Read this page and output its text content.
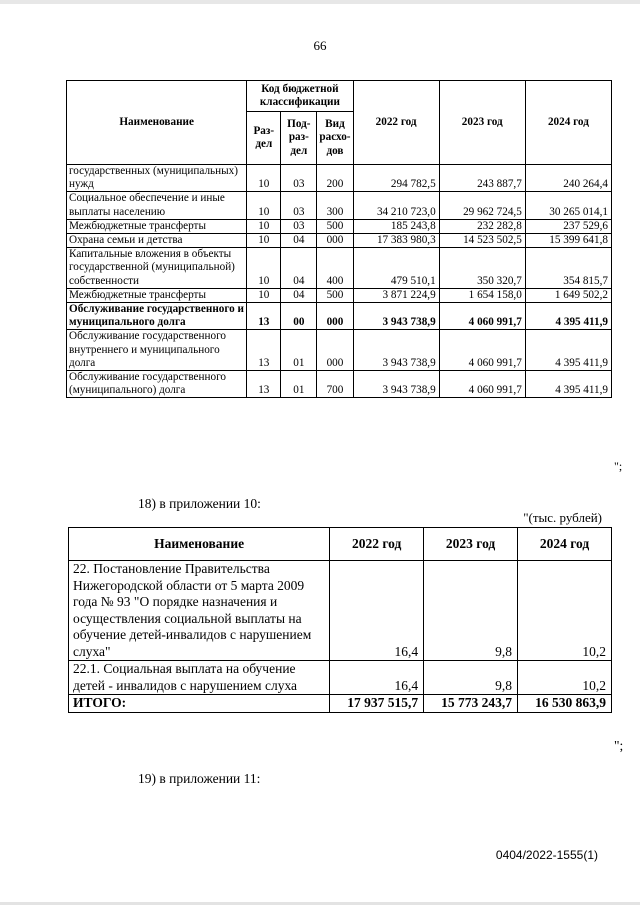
66
Наименование	Код бюджетной классификации			2022 год	2023 год	2024 год
	Раз-дел	Под-раз-дел	Вид расхо-дов			
государственных (муниципальных) нужд	10	03	200	294 782,5	243 887,7	240 264,4
Социальное обеспечение и иные выплаты населению	10	03	300	34 210 723,0	29 962 724,5	30 265 014,1
Межбюджетные трансферты	10	03	500	185 243,8	232 282,8	237 529,6
Охрана семьи и детства	10	04	000	17 383 980,3	14 523 502,5	15 399 641,8
Капитальные вложения в объекты государственной (муниципальной) собственности	10	04	400	479 510,1	350 320,7	354 815,7
Межбюджетные трансферты	10	04	500	3 871 224,9	1 654 158,0	1 649 502,2
Обслуживание государственного и муниципального долга	13	00	000	3 943 738,9	4 060 991,7	4 395 411,9
Обслуживание государственного внутреннего и муниципального долга	13	01	000	3 943 738,9	4 060 991,7	4 395 411,9
Обслуживание государственного (муниципального) долга	13	01	700	3 943 738,9	4 060 991,7	4 395 411,9
";
18) в приложении 10:
"(тыс. рублей)
Наименование	2022 год	2023 год	2024 год
22. Постановление Правительства Нижегородской области от 5 марта 2009 года № 93 "О порядке назначения и осуществления социальной выплаты на обучение детей-инвалидов с нарушением слуха"	16,4	9,8	10,2
22.1. Социальная выплата на обучение детей - инвалидов с нарушением слуха	16,4	9,8	10,2
ИТОГО:	17 937 515,7	15 773 243,7	16 530 863,9
";
19) в приложении 11:
0404/2022-1555(1)
